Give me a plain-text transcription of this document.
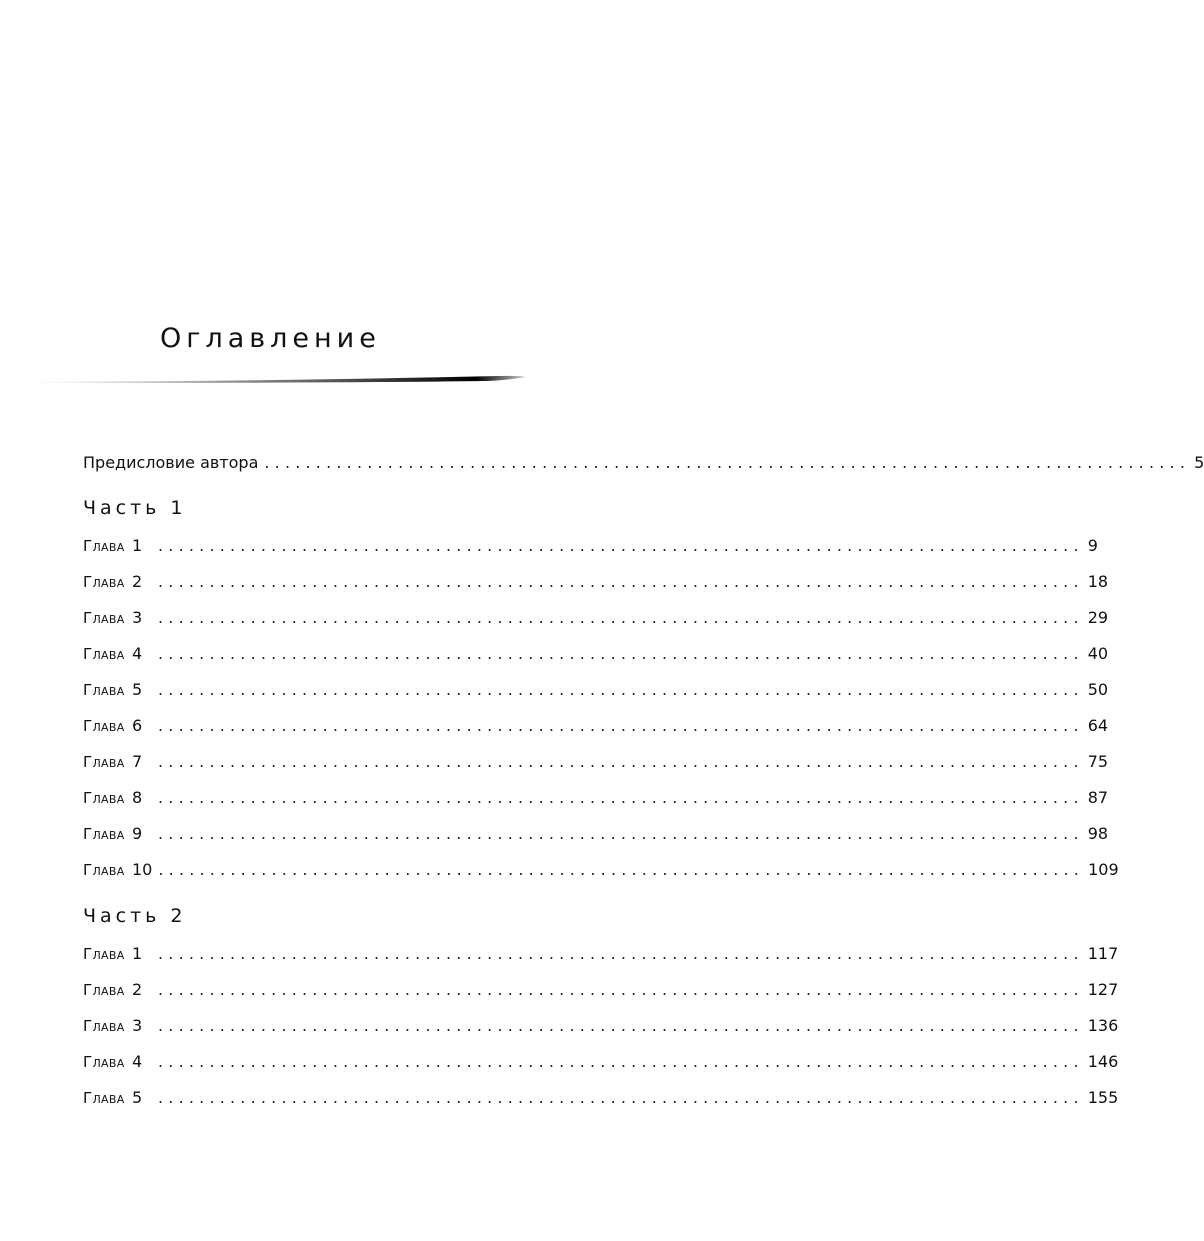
Оглавление
Предисловие автора .......................................................................................... 5
Часть 1
Глава 1 .......................................................................................... 9
Глава 2 .......................................................................................... 18
Глава 3 .......................................................................................... 29
Глава 4 .......................................................................................... 40
Глава 5 .......................................................................................... 50
Глава 6 .......................................................................................... 64
Глава 7 .......................................................................................... 75
Глава 8 .......................................................................................... 87
Глава 9 .......................................................................................... 98
Глава 10 .......................................................................................... 109
Часть 2
Глава 1 .......................................................................................... 117
Глава 2 .......................................................................................... 127
Глава 3 .......................................................................................... 136
Глава 4 .......................................................................................... 146
Глава 5 .......................................................................................... 155
